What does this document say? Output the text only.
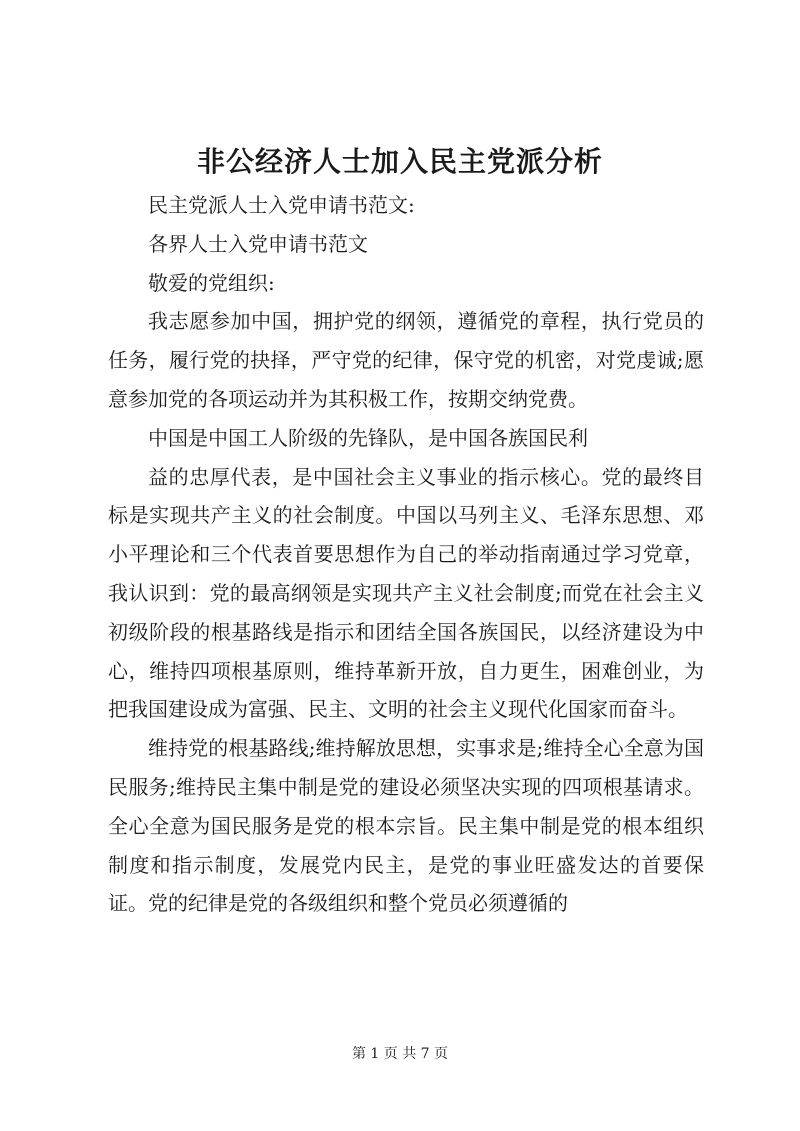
非公经济人士加入民主党派分析

民主党派人士入党申请书范文:

各界人士入党申请书范文

敬爱的党组织:

我志愿参加中国，拥护党的纲领，遵循党的章程，执行党员的任务，履行党的抉择，严守党的纪律，保守党的机密，对党虔诚;愿意参加党的各项运动并为其积极工作，按期交纳党费。

中国是中国工人阶级的先锋队，是中国各族国民利

益的忠厚代表，是中国社会主义事业的指示核心。党的最终目标是实现共产主义的社会制度。中国以马列主义、毛泽东思想、邓小平理论和三个代表首要思想作为自己的举动指南通过学习党章，我认识到：党的最高纲领是实现共产主义社会制度;而党在社会主义初级阶段的根基路线是指示和团结全国各族国民，以经济建设为中心，维持四项根基原则，维持革新开放，自力更生，困难创业，为把我国建设成为富强、民主、文明的社会主义现代化国家而奋斗。

维持党的根基路线;维持解放思想，实事求是;维持全心全意为国民服务;维持民主集中制是党的建设必须坚决实现的四项根基请求。全心全意为国民服务是党的根本宗旨。民主集中制是党的根本组织制度和指示制度，发展党内民主，是党的事业旺盛发达的首要保证。党的纪律是党的各级组织和整个党员必须遵循的

第 1 页 共 7 页
